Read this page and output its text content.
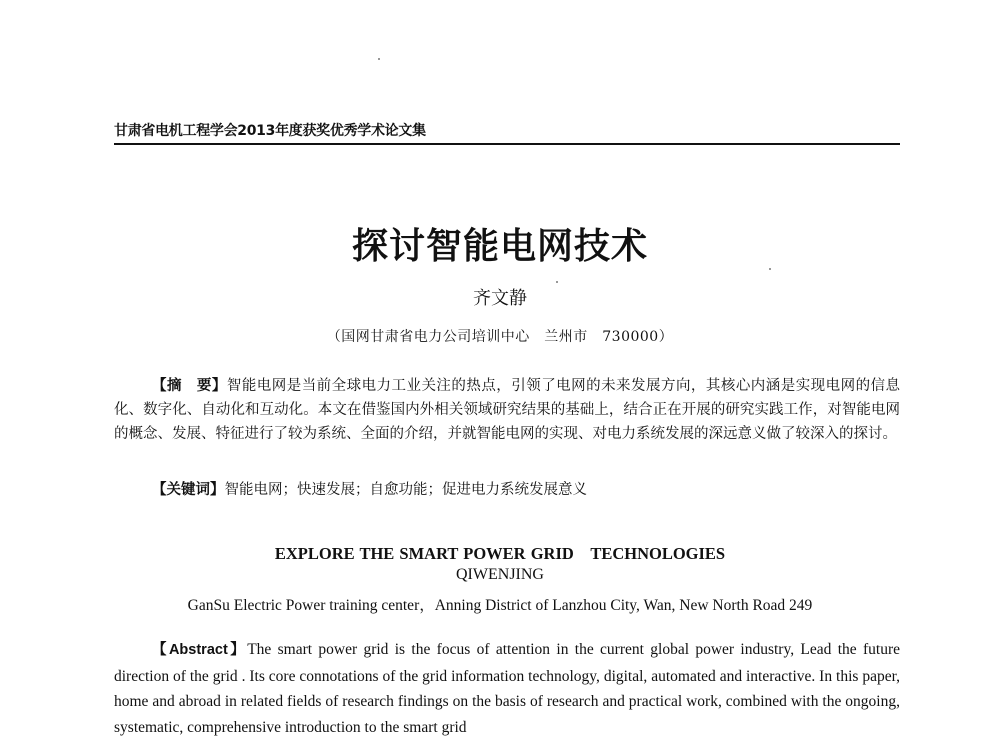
甘肃省电机工程学会2013年度获奖优秀学术论文集
探讨智能电网技术
齐文静
（国网甘肃省电力公司培训中心　兰州市　730000）

【摘　要】智能电网是当前全球电力工业关注的热点，引领了电网的未来发展方向，其核心内涵是实现电网的信息化、数字化、自动化和互动化。本文在借鉴国内外相关领域研究结果的基础上，结合正在开展的研究实践工作，对智能电网的概念、发展、特征进行了较为系统、全面的介绍，并就智能电网的实现、对电力系统发展的深远意义做了较深入的探讨。

【关键词】智能电网；快速发展；自愈功能；促进电力系统发展意义

EXPLORE THE SMART POWER GRID　TECHNOLOGIES
QIWENJING
GanSu Electric Power training center，Anning District of Lanzhou City, Wan, New North Road 249

【Abstract】The smart power grid is the focus of attention in the current global power industry, Lead the future direction of the grid . Its core connotations of the grid information technology, digital, automated and interactive. In this paper, home and abroad in related fields of research findings on the basis of research and practical work, combined with the ongoing, systematic, comprehensive introduction to the smart grid
